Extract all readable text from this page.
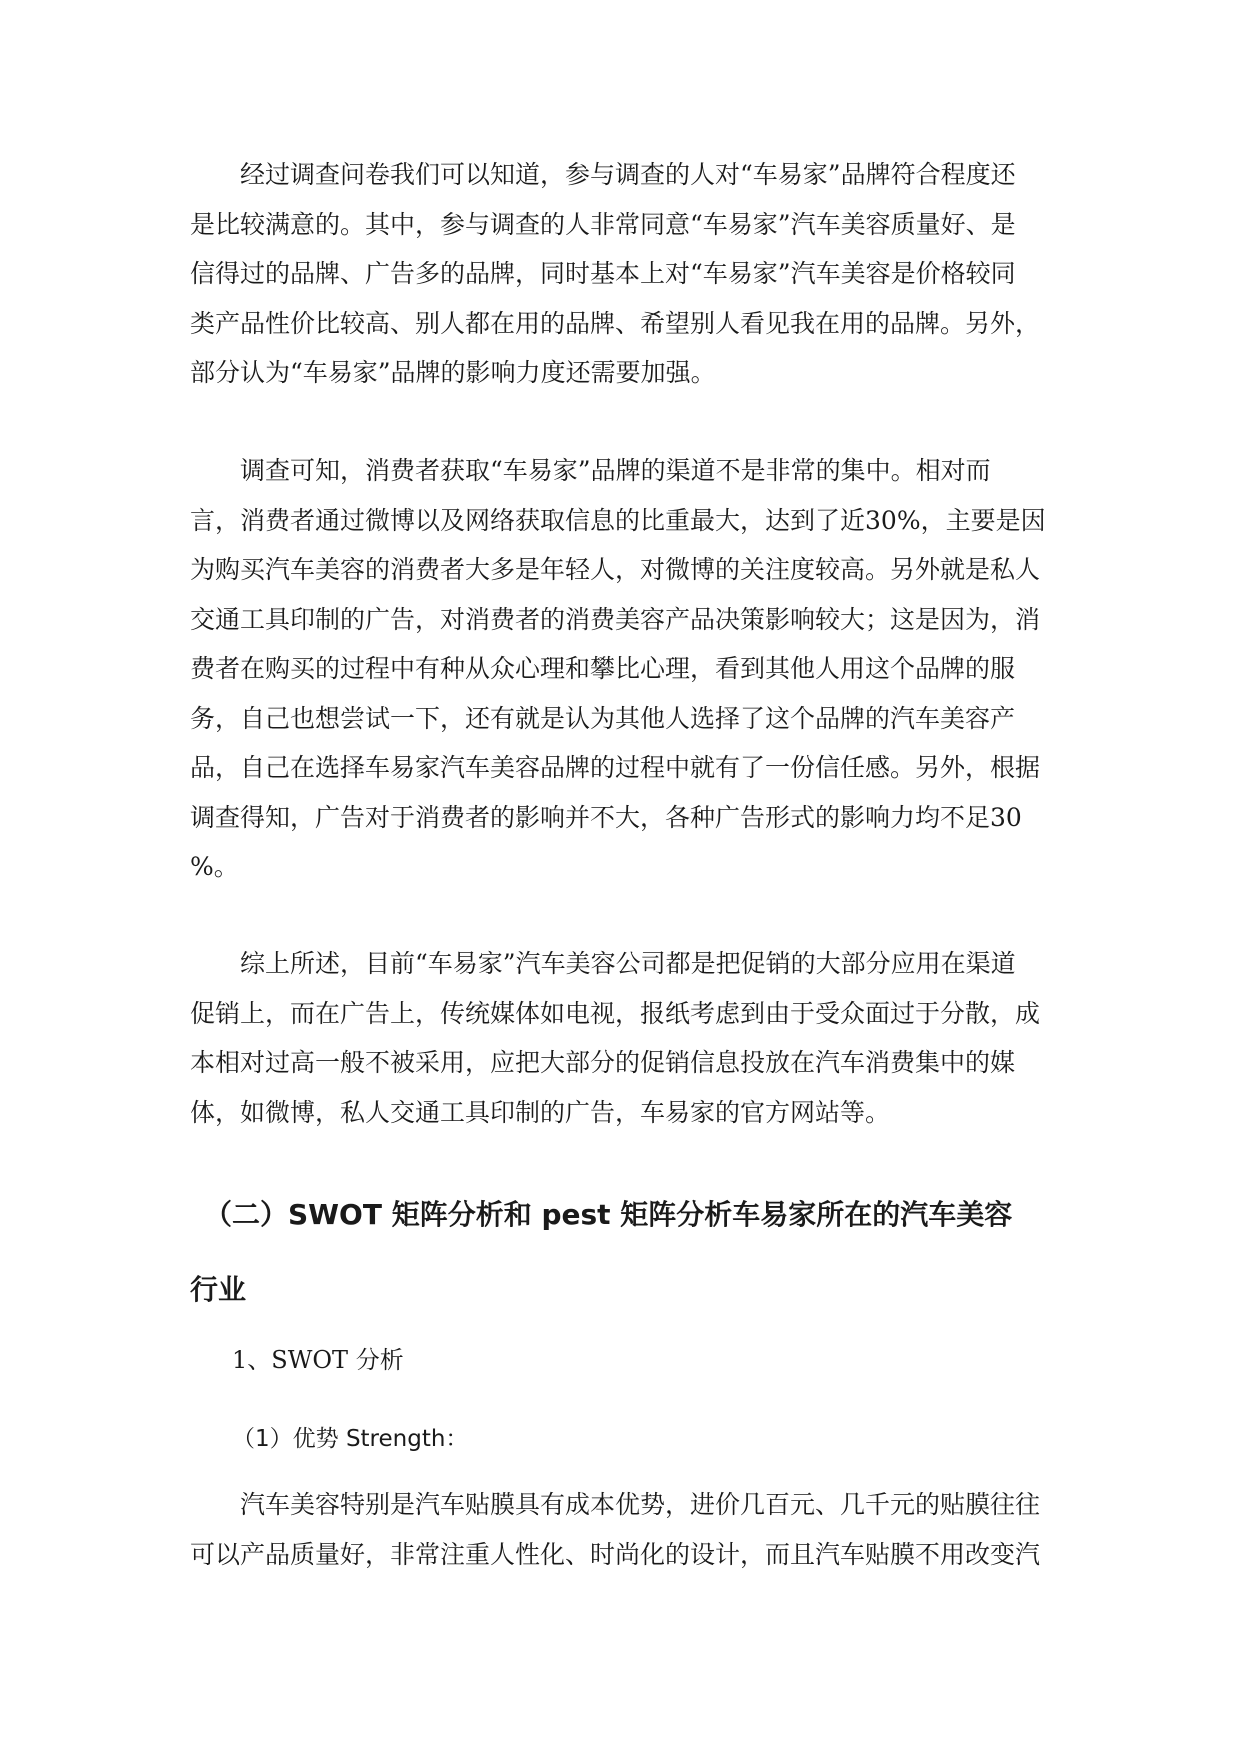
　　经过调查问卷我们可以知道，参与调查的人对“车易家”品牌符合程度还
是比较满意的。其中，参与调查的人非常同意“车易家”汽车美容质量好、是
信得过的品牌、广告多的品牌，同时基本上对“车易家”汽车美容是价格较同
类产品性价比较高、别人都在用的品牌、希望别人看见我在用的品牌。另外，
部分认为“车易家”品牌的影响力度还需要加强。

　　调查可知，消费者获取“车易家”品牌的渠道不是非常的集中。相对而
言，消费者通过微博以及网络获取信息的比重最大，达到了近30%，主要是因
为购买汽车美容的消费者大多是年轻人，对微博的关注度较高。另外就是私人
交通工具印制的广告，对消费者的消费美容产品决策影响较大；这是因为，消
费者在购买的过程中有种从众心理和攀比心理，看到其他人用这个品牌的服
务，自己也想尝试一下，还有就是认为其他人选择了这个品牌的汽车美容产
品，自己在选择车易家汽车美容品牌的过程中就有了一份信任感。另外，根据
调查得知，广告对于消费者的影响并不大，各种广告形式的影响力均不足30
%。

　　综上所述，目前“车易家”汽车美容公司都是把促销的大部分应用在渠道
促销上，而在广告上，传统媒体如电视，报纸考虑到由于受众面过于分散，成
本相对过高一般不被采用，应把大部分的促销信息投放在汽车消费集中的媒
体，如微博，私人交通工具印制的广告，车易家的官方网站等。

　（二）SWOT 矩阵分析和 pest 矩阵分析车易家所在的汽车美容
行业
1、SWOT 分析
（1）优势 Strength：

　　汽车美容特别是汽车贴膜具有成本优势，进价几百元、几千元的贴膜往往
可以产品质量好，非常注重人性化、时尚化的设计，而且汽车贴膜不用改变汽
